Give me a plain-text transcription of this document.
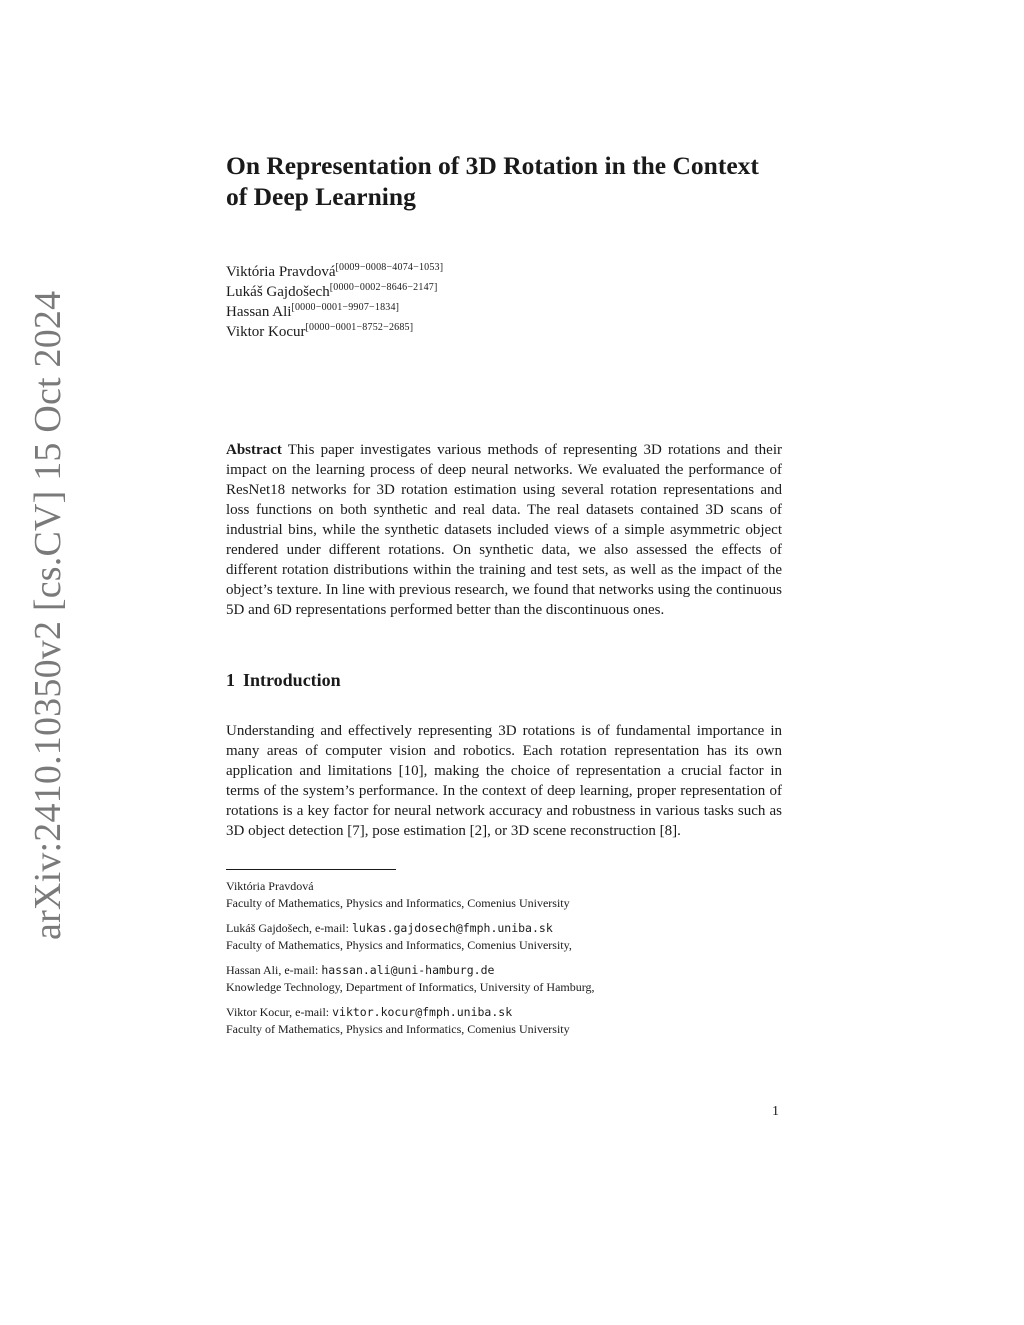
arXiv:2410.10350v2 [cs.CV] 15 Oct 2024
On Representation of 3D Rotation in the Context of Deep Learning
Viktória Pravdová[0009−0008−4074−1053]
Lukáš Gajdošech[0000−0002−8646−2147]
Hassan Ali[0000−0001−9907−1834]
Viktor Kocur[0000−0001−8752−2685]

Abstract This paper investigates various methods of representing 3D rotations and their impact on the learning process of deep neural networks. We evaluated the performance of ResNet18 networks for 3D rotation estimation using several rotation representations and loss functions on both synthetic and real data. The real datasets contained 3D scans of industrial bins, while the synthetic datasets included views of a simple asymmetric object rendered under different rotations. On synthetic data, we also assessed the effects of different rotation distributions within the training and test sets, as well as the impact of the object’s texture. In line with previous research, we found that networks using the continuous 5D and 6D representations performed better than the discontinuous ones.

1 Introduction

Understanding and effectively representing 3D rotations is of fundamental importance in many areas of computer vision and robotics. Each rotation representation has its own application and limitations [10], making the choice of representation a crucial factor in terms of the system’s performance. In the context of deep learning, proper representation of rotations is a key factor for neural network accuracy and robustness in various tasks such as 3D object detection [7], pose estimation [2], or 3D scene reconstruction [8].

Viktória Pravdová
Faculty of Mathematics, Physics and Informatics, Comenius University
Lukáš Gajdošech, e-mail: lukas.gajdosech@fmph.uniba.sk
Faculty of Mathematics, Physics and Informatics, Comenius University,
Hassan Ali, e-mail: hassan.ali@uni-hamburg.de
Knowledge Technology, Department of Informatics, University of Hamburg,
Viktor Kocur, e-mail: viktor.kocur@fmph.uniba.sk
Faculty of Mathematics, Physics and Informatics, Comenius University
1
